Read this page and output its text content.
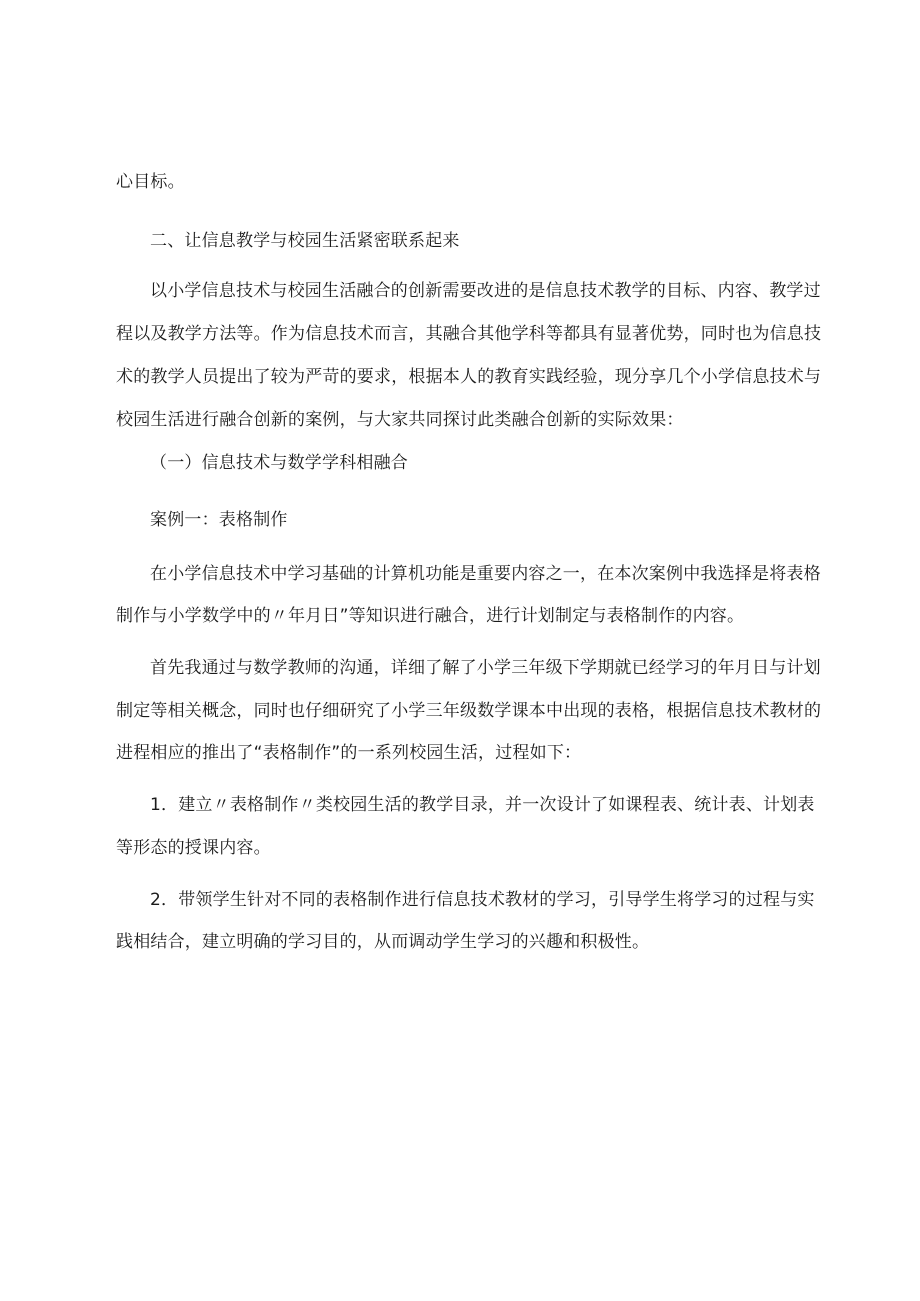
心目标。
二、让信息教学与校园生活紧密联系起来
以小学信息技术与校园生活融合的创新需要改进的是信息技术教学的目标、内容、教学过
程以及教学方法等。作为信息技术而言，其融合其他学科等都具有显著优势，同时也为信息技
术的教学人员提出了较为严苛的要求，根据本人的教育实践经验，现分享几个小学信息技术与
校园生活进行融合创新的案例，与大家共同探讨此类融合创新的实际效果：
（一）信息技术与数学学科相融合
案例一：表格制作
在小学信息技术中学习基础的计算机功能是重要内容之一，在本次案例中我选择是将表格
制作与小学数学中的〃年月日”等知识进行融合，进行计划制定与表格制作的内容。
首先我通过与数学教师的沟通，详细了解了小学三年级下学期就已经学习的年月日与计划
制定等相关概念，同时也仔细研究了小学三年级数学课本中出现的表格，根据信息技术教材的
进程相应的推出了“表格制作”的一系列校园生活，过程如下：
1．建立〃表格制作〃类校园生活的教学目录，并一次设计了如课程表、统计表、计划表
等形态的授课内容。
2．带领学生针对不同的表格制作进行信息技术教材的学习，引导学生将学习的过程与实
践相结合，建立明确的学习目的，从而调动学生学习的兴趣和积极性。
